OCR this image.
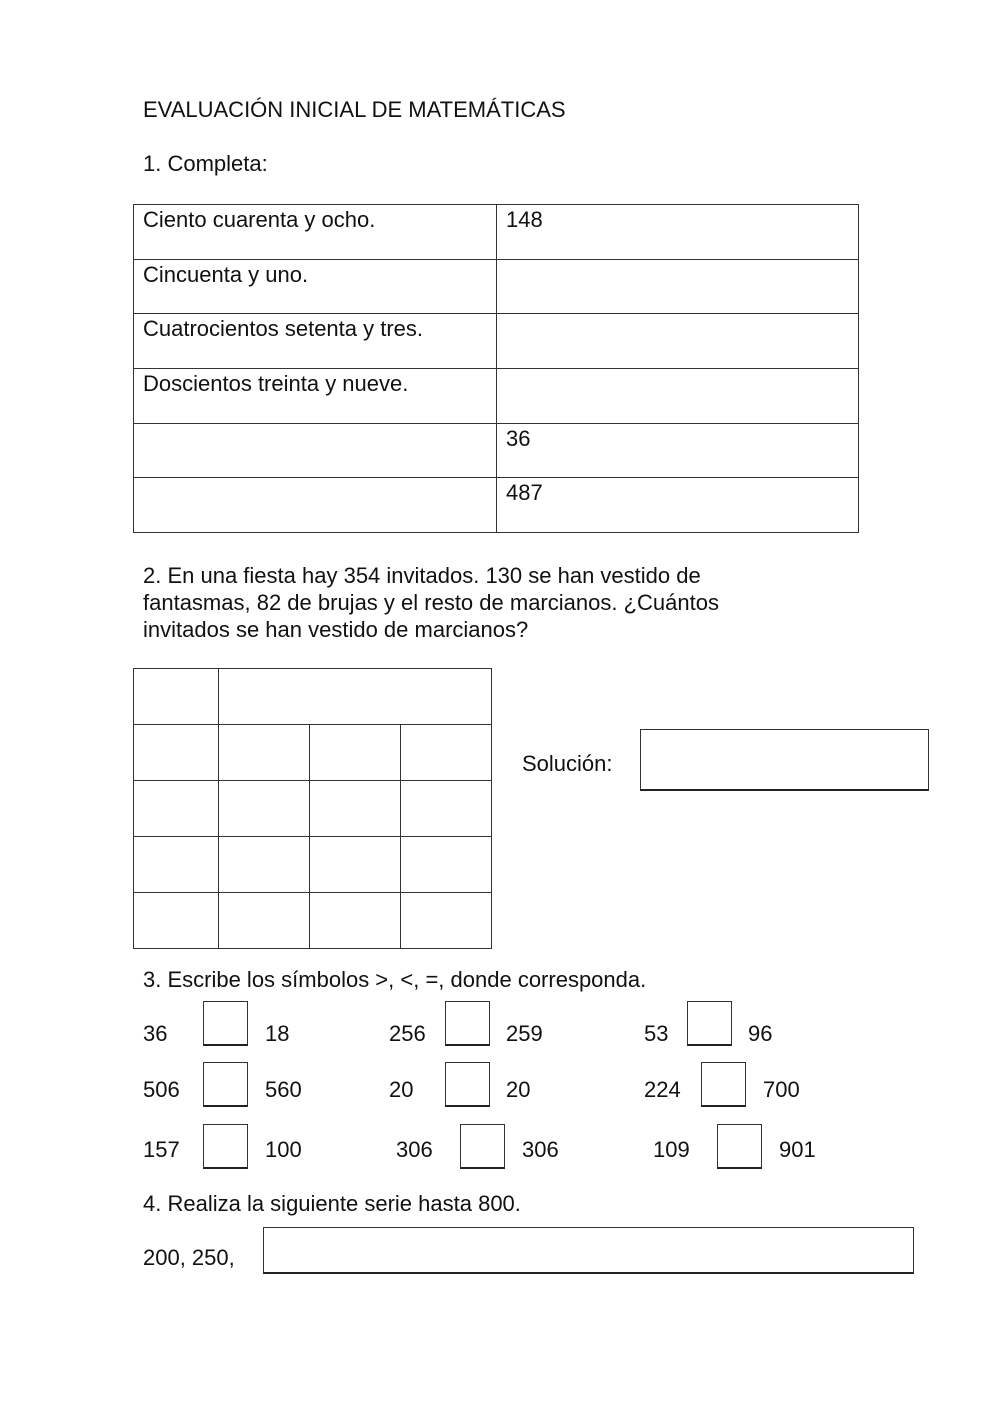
EVALUACIÓN INICIAL DE MATEMÁTICAS
1. Completa:
Ciento cuarenta y ocho.	148
Cincuenta y uno.	
Cuatrocientos setenta y tres.	
Doscientos treinta y nueve.	
	36
	487
2. En una fiesta hay 354 invitados. 130 se han vestido de
fantasmas, 82 de brujas y el resto de marcianos. ¿Cuántos
invitados se han vestido de marcianos?

Solución:
3. Escribe los símbolos >, <, =, donde corresponda.
36	18	256	259	53	96
506	560	20	20	224	700
157	100	306	306	109	901
4. Realiza la siguiente serie hasta 800.
200, 250,
